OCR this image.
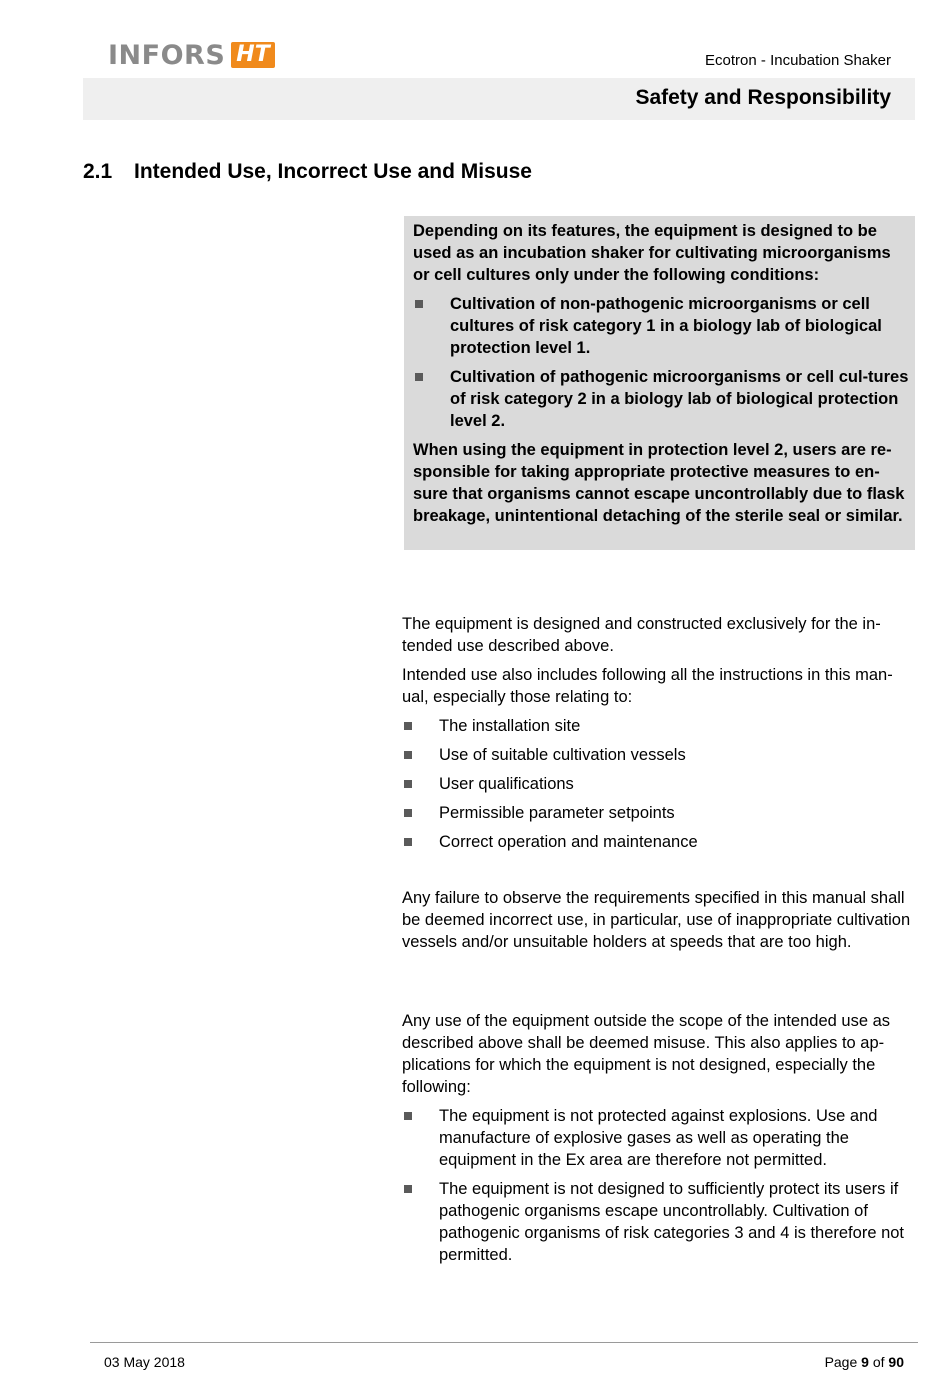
INFORS HT	Ecotron - Incubation Shaker
Safety and Responsibility
2.1 Intended Use, Incorrect Use and Misuse

Depending on its features, the equipment is designed to be used as an incubation shaker for cultivating microorganisms or cell cultures only under the following conditions:

Cultivation of non-pathogenic microorganisms or cell cultures of risk category 1 in a biology lab of biological protection level 1.
Cultivation of pathogenic microorganisms or cell cul-tures of risk category 2 in a biology lab of biological protection level 2.

When using the equipment in protection level 2, users are re-sponsible for taking appropriate protective measures to en-sure that organisms cannot escape uncontrollably due to flask breakage, unintentional detaching of the sterile seal or similar.

The equipment is designed and constructed exclusively for the in-tended use described above.

Intended use also includes following all the instructions in this man-ual, especially those relating to:

The installation site
Use of suitable cultivation vessels
User qualifications
Permissible parameter setpoints
Correct operation and maintenance

Any failure to observe the requirements specified in this manual shall be deemed incorrect use, in particular, use of inappropriate cultivation vessels and/or unsuitable holders at speeds that are too high.

Any use of the equipment outside the scope of the intended use as described above shall be deemed misuse. This also applies to ap-plications for which the equipment is not designed, especially the following:

The equipment is not protected against explosions. Use and manufacture of explosive gases as well as operating the equipment in the Ex area are therefore not permitted.
The equipment is not designed to sufficiently protect its users if pathogenic organisms escape uncontrollably. Cultivation of pathogenic organisms of risk categories 3 and 4 is therefore not permitted.
03 May 2018	Page 9 of 90
